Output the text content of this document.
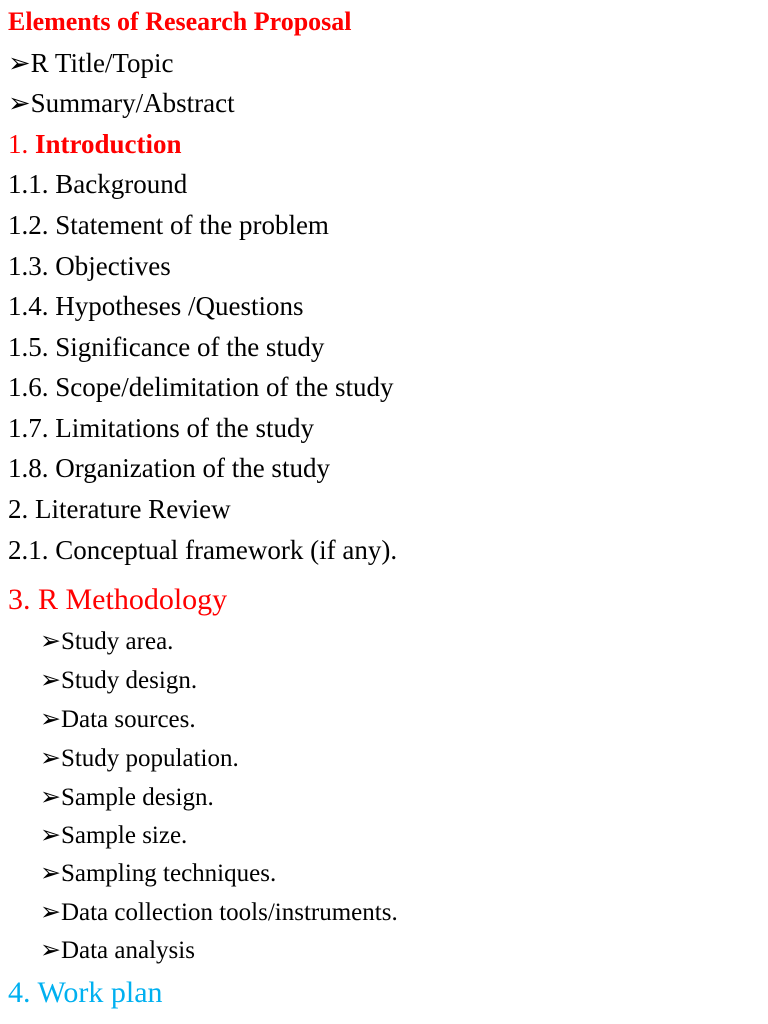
Elements of Research Proposal
➢R Title/Topic
➢Summary/Abstract
1. Introduction
1.1. Background
1.2. Statement of the problem
1.3. Objectives
1.4. Hypotheses /Questions
1.5. Significance of the study
1.6. Scope/delimitation of the study
1.7. Limitations of the study
1.8. Organization of the study
2. Literature Review
2.1. Conceptual framework (if any).
3. R Methodology
➢Study area.
➢Study design.
➢Data sources.
➢Study population.
➢Sample design.
➢Sample size.
➢Sampling techniques.
➢Data collection tools/instruments.
➢Data analysis
4. Work plan
